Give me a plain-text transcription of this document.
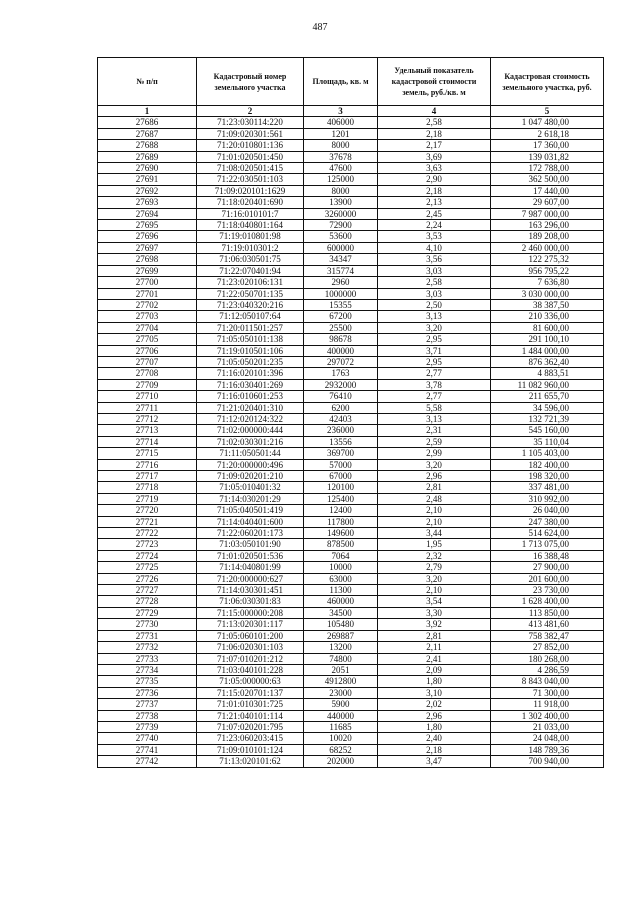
487
№ п/п	Кадастровый номер земельного участка	Площадь, кв. м	Удельный показатель кадастровой стоимости земель, руб./кв. м	Кадастровая стоимость земельного участка, руб.
1	2	3	4	5
27686	71:23:030114:220	406000	2,58	1 047 480,00
27687	71:09:020301:561	1201	2,18	2 618,18
27688	71:20:010801:136	8000	2,17	17 360,00
27689	71:01:020501:450	37678	3,69	139 031,82
27690	71:08:020501:415	47600	3,63	172 788,00
27691	71:22:030501:103	125000	2,90	362 500,00
27692	71:09:020101:1629	8000	2,18	17 440,00
27693	71:18:020401:690	13900	2,13	29 607,00
27694	71:16:010101:7	3260000	2,45	7 987 000,00
27695	71:18:040801:164	72900	2,24	163 296,00
27696	71:19:010801:98	53600	3,53	189 208,00
27697	71:19:010301:2	600000	4,10	2 460 000,00
27698	71:06:030501:75	34347	3,56	122 275,32
27699	71:22:070401:94	315774	3,03	956 795,22
27700	71:23:020106:131	2960	2,58	7 636,80
27701	71:22:050701:135	1000000	3,03	3 030 000,00
27702	71:23:040320:216	15355	2,50	38 387,50
27703	71:12:050107:64	67200	3,13	210 336,00
27704	71:20:011501:257	25500	3,20	81 600,00
27705	71:05:050101:138	98678	2,95	291 100,10
27706	71:19:010501:106	400000	3,71	1 484 000,00
27707	71:05:050201:235	297072	2,95	876 362,40
27708	71:16:020101:396	1763	2,77	4 883,51
27709	71:16:030401:269	2932000	3,78	11 082 960,00
27710	71:16:010601:253	76410	2,77	211 655,70
27711	71:21:020401:310	6200	5,58	34 596,00
27712	71:12:020124:322	42403	3,13	132 721,39
27713	71:02:000000:444	236000	2,31	545 160,00
27714	71:02:030301:216	13556	2,59	35 110,04
27715	71:11:050501:44	369700	2,99	1 105 403,00
27716	71:20:000000:496	57000	3,20	182 400,00
27717	71:09:020201:210	67000	2,96	198 320,00
27718	71:05:010401:32	120100	2,81	337 481,00
27719	71:14:030201:29	125400	2,48	310 992,00
27720	71:05:040501:419	12400	2,10	26 040,00
27721	71:14:040401:600	117800	2,10	247 380,00
27722	71:22:060201:173	149600	3,44	514 624,00
27723	71:03:050101:90	878500	1,95	1 713 075,00
27724	71:01:020501:536	7064	2,32	16 388,48
27725	71:14:040801:99	10000	2,79	27 900,00
27726	71:20:000000:627	63000	3,20	201 600,00
27727	71:14:030301:451	11300	2,10	23 730,00
27728	71:06:030301:83	460000	3,54	1 628 400,00
27729	71:15:000000:208	34500	3,30	113 850,00
27730	71:13:020301:117	105480	3,92	413 481,60
27731	71:05:060101:200	269887	2,81	758 382,47
27732	71:06:020301:103	13200	2,11	27 852,00
27733	71:07:010201:212	74800	2,41	180 268,00
27734	71:03:040101:228	2051	2,09	4 286,59
27735	71:05:000000:63	4912800	1,80	8 843 040,00
27736	71:15:020701:137	23000	3,10	71 300,00
27737	71:01:010301:725	5900	2,02	11 918,00
27738	71:21:040101:114	440000	2,96	1 302 400,00
27739	71:07:020201:795	11685	1,80	21 033,00
27740	71:23:060203:415	10020	2,40	24 048,00
27741	71:09:010101:124	68252	2,18	148 789,36
27742	71:13:020101:62	202000	3,47	700 940,00
